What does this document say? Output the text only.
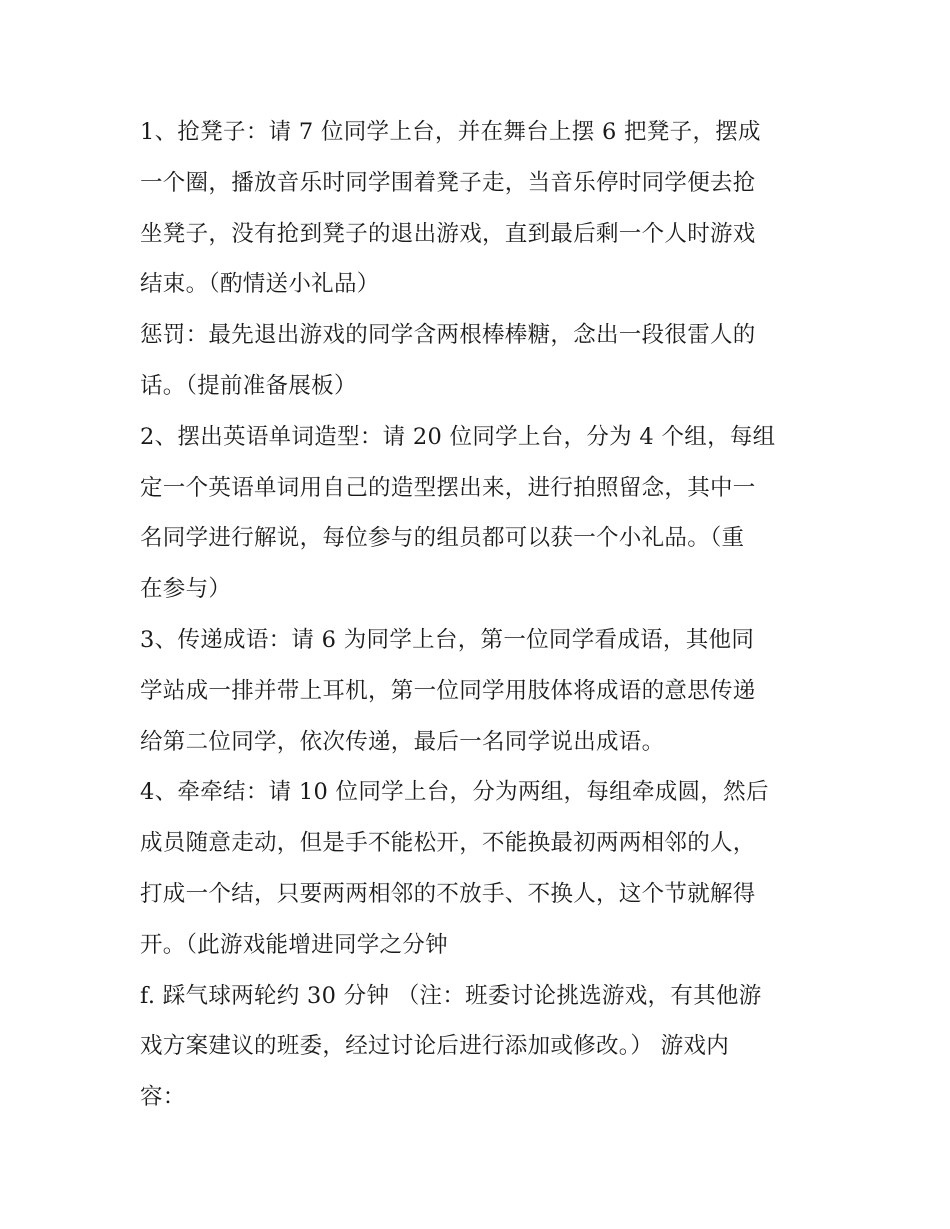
1、抢凳子：请 7 位同学上台，并在舞台上摆 6 把凳子，摆成
一个圈，播放音乐时同学围着凳子走，当音乐停时同学便去抢
坐凳子，没有抢到凳子的退出游戏，直到最后剩一个人时游戏
结束。（酌情送小礼品）
惩罚：最先退出游戏的同学含两根棒棒糖，念出一段很雷人的
话。（提前准备展板）
2、摆出英语单词造型：请 20 位同学上台，分为 4 个组，每组
定一个英语单词用自己的造型摆出来，进行拍照留念，其中一
名同学进行解说，每位参与的组员都可以获一个小礼品。（重
在参与）
3、传递成语：请 6 为同学上台，第一位同学看成语，其他同
学站成一排并带上耳机，第一位同学用肢体将成语的意思传递
给第二位同学，依次传递，最后一名同学说出成语。
4、牵牵结：请 10 位同学上台，分为两组，每组牵成圆，然后
成员随意走动，但是手不能松开，不能换最初两两相邻的人，
打成一个结，只要两两相邻的不放手、不换人，这个节就解得
开。（此游戏能增进同学之分钟
f. 踩气球两轮约 30 分钟 （注：班委讨论挑选游戏，有其他游
戏方案建议的班委，经过讨论后进行添加或修改。） 游戏内
容：
